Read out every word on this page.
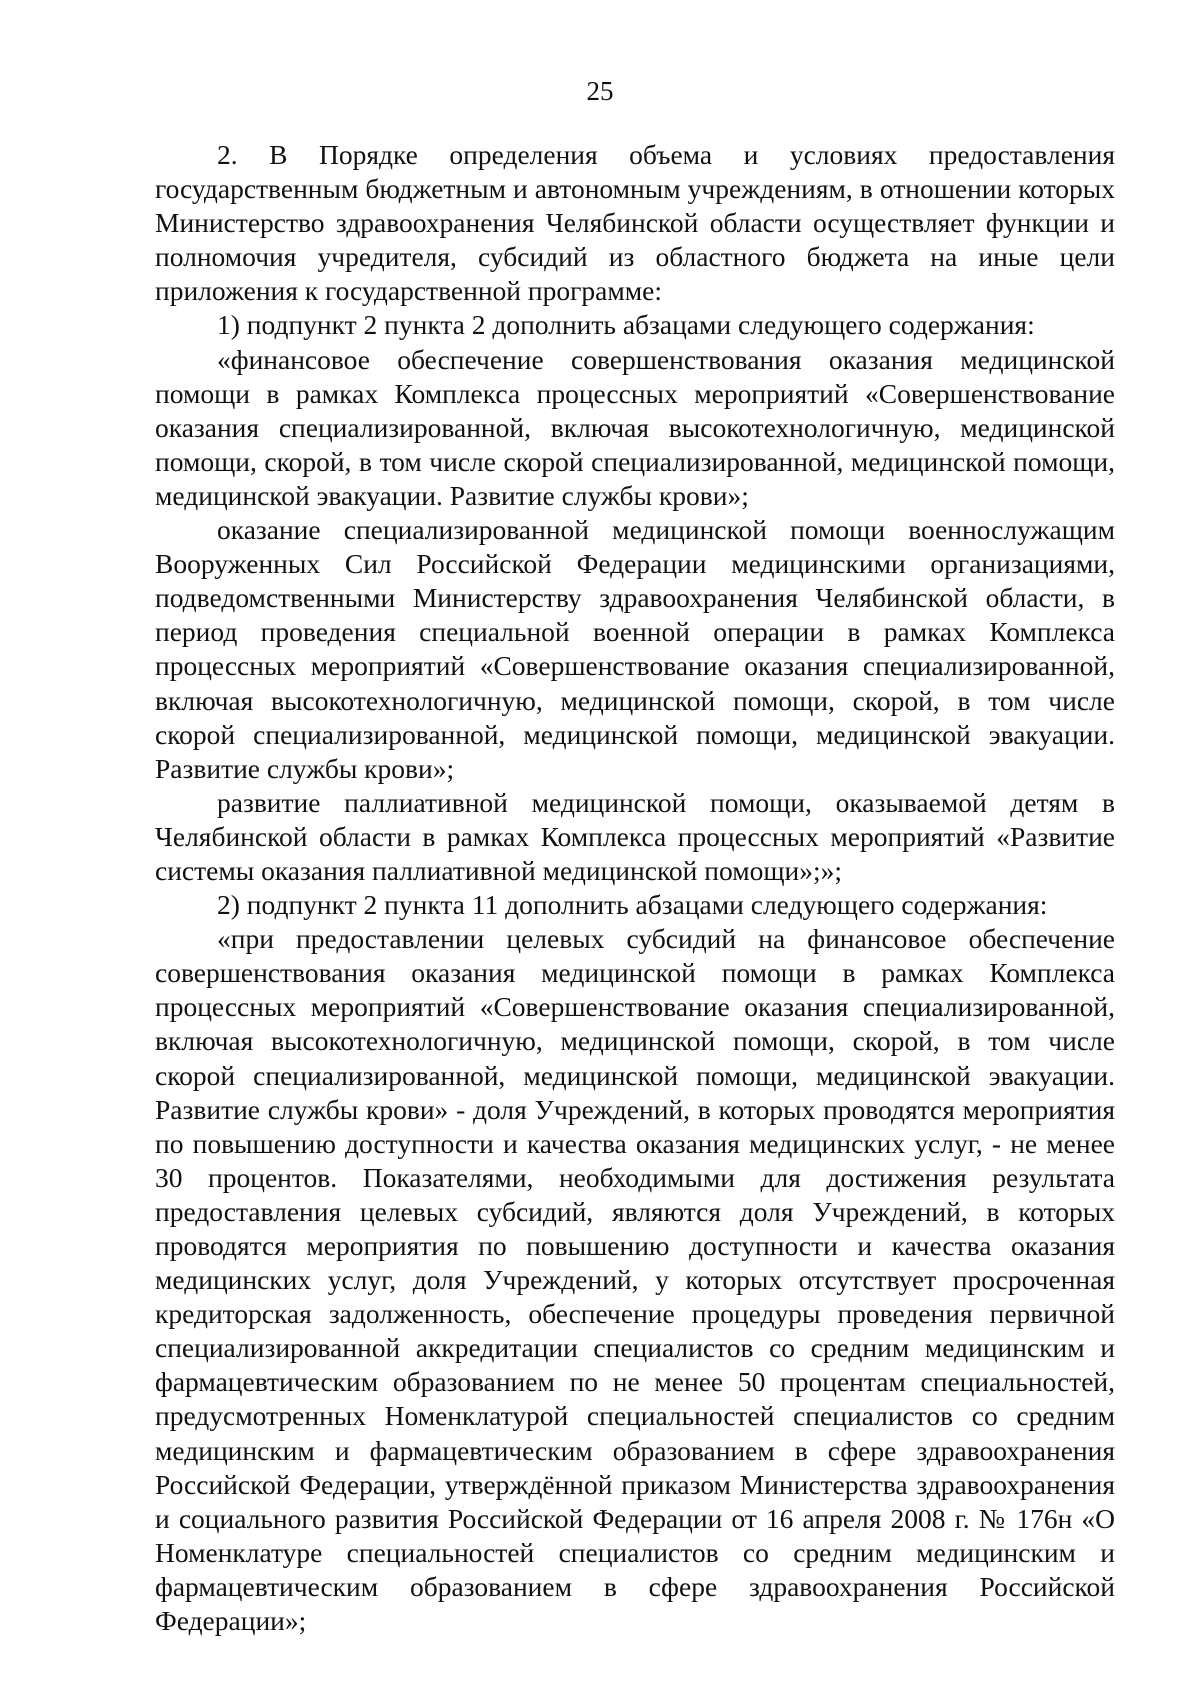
25

2. В Порядке определения объема и условиях предоставления государственным бюджетным и автономным учреждениям, в отношении которых Министерство здравоохранения Челябинской области осуществляет функции и полномочия учредителя, субсидий из областного бюджета на иные цели приложения к государственной программе:

1) подпункт 2 пункта 2 дополнить абзацами следующего содержания:

«финансовое обеспечение совершенствования оказания медицинской помощи в рамках Комплекса процессных мероприятий «Совершенствование оказания специализированной, включая высокотехнологичную, медицинской помощи, скорой, в том числе скорой специализированной, медицинской помощи, медицинской эвакуации. Развитие службы крови»;

оказание специализированной медицинской помощи военнослужащим Вооруженных Сил Российской Федерации медицинскими организациями, подведомственными Министерству здравоохранения Челябинской области, в период проведения специальной военной операции в рамках Комплекса процессных мероприятий «Совершенствование оказания специализированной, включая высокотехнологичную, медицинской помощи, скорой, в том числе скорой специализированной, медицинской помощи, медицинской эвакуации. Развитие службы крови»;

развитие паллиативной медицинской помощи, оказываемой детям в Челябинской области в рамках Комплекса процессных мероприятий «Развитие системы оказания паллиативной медицинской помощи»;»;

2) подпункт 2 пункта 11 дополнить абзацами следующего содержания:

«при предоставлении целевых субсидий на финансовое обеспечение совершенствования оказания медицинской помощи в рамках Комплекса процессных мероприятий «Совершенствование оказания специализированной, включая высокотехнологичную, медицинской помощи, скорой, в том числе скорой специализированной, медицинской помощи, медицинской эвакуации. Развитие службы крови» - доля Учреждений, в которых проводятся мероприятия по повышению доступности и качества оказания медицинских услуг, - не менее 30 процентов. Показателями, необходимыми для достижения результата предоставления целевых субсидий, являются доля Учреждений, в которых проводятся мероприятия по повышению доступности и качества оказания медицинских услуг, доля Учреждений, у которых отсутствует просроченная кредиторская задолженность, обеспечение процедуры проведения первичной специализированной аккредитации специалистов со средним медицинским и фармацевтическим образованием по не менее 50 процентам специальностей, предусмотренных Номенклатурой специальностей специалистов со средним медицинским и фармацевтическим образованием в сфере здравоохранения Российской Федерации, утверждённой приказом Министерства здравоохранения и социального развития Российской Федерации от 16 апреля 2008 г. № 176н «О Номенклатуре специальностей специалистов со средним медицинским и фармацевтическим образованием в сфере здравоохранения Российской Федерации»;
